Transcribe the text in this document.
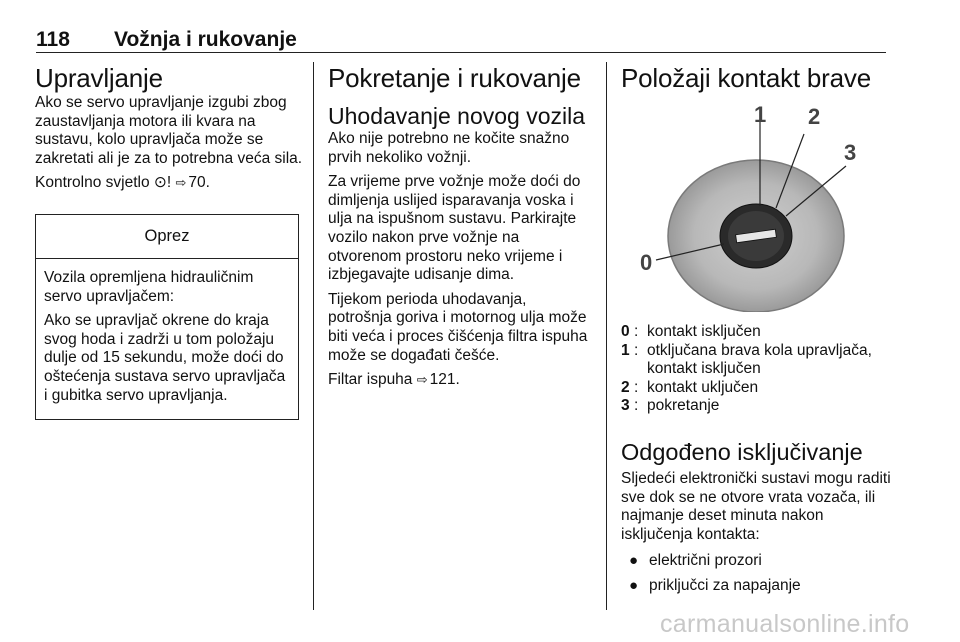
118 Vožnja i rukovanje
Upravljanje

Ako se servo upravljanje izgubi zbog zaustavljanja motora ili kvara na sustavu, kolo upravljača može se zakretati ali je za to potrebna veća sila.

Kontrolno svjetlo ⊙! ⇨ 70.

Oprez

Vozila opremljena hidrauličnim servo upravljačem:

Ako se upravljač okrene do kraja svog hoda i zadrži u tom položaju dulje od 15 sekundu, može doći do oštećenja sustava servo upravljača i gubitka servo upravljanja.

Pokretanje i rukovanje
Uhodavanje novog vozila

Ako nije potrebno ne kočite snažno prvih nekoliko vožnji.

Za vrijeme prve vožnje može doći do dimljenja uslijed isparavanja voska i ulja na ispušnom sustavu. Parkirajte vozilo nakon prve vožnje na otvorenom prostoru neko vrijeme i izbjegavajte udisanje dima.

Tijekom perioda uhodavanja, potrošnja goriva i motornog ulja može biti veća i proces čišćenja filtra ispuha može se događati češće.

Filtar ispuha ⇨ 121.

Položaji kontakt brave
1 2
3
0
0 : kontakt isključen
1 : otključana brava kola upravljača, kontakt isključen
2 : kontakt uključen
3 : pokretanje
Odgođeno isključivanje

Sljedeći elektronički sustavi mogu raditi sve dok se ne otvore vrata vozača, ili najmanje deset minuta nakon isključenja kontakta:

● električni prozori
● priključci za napajanje
carmanualsonline.info
